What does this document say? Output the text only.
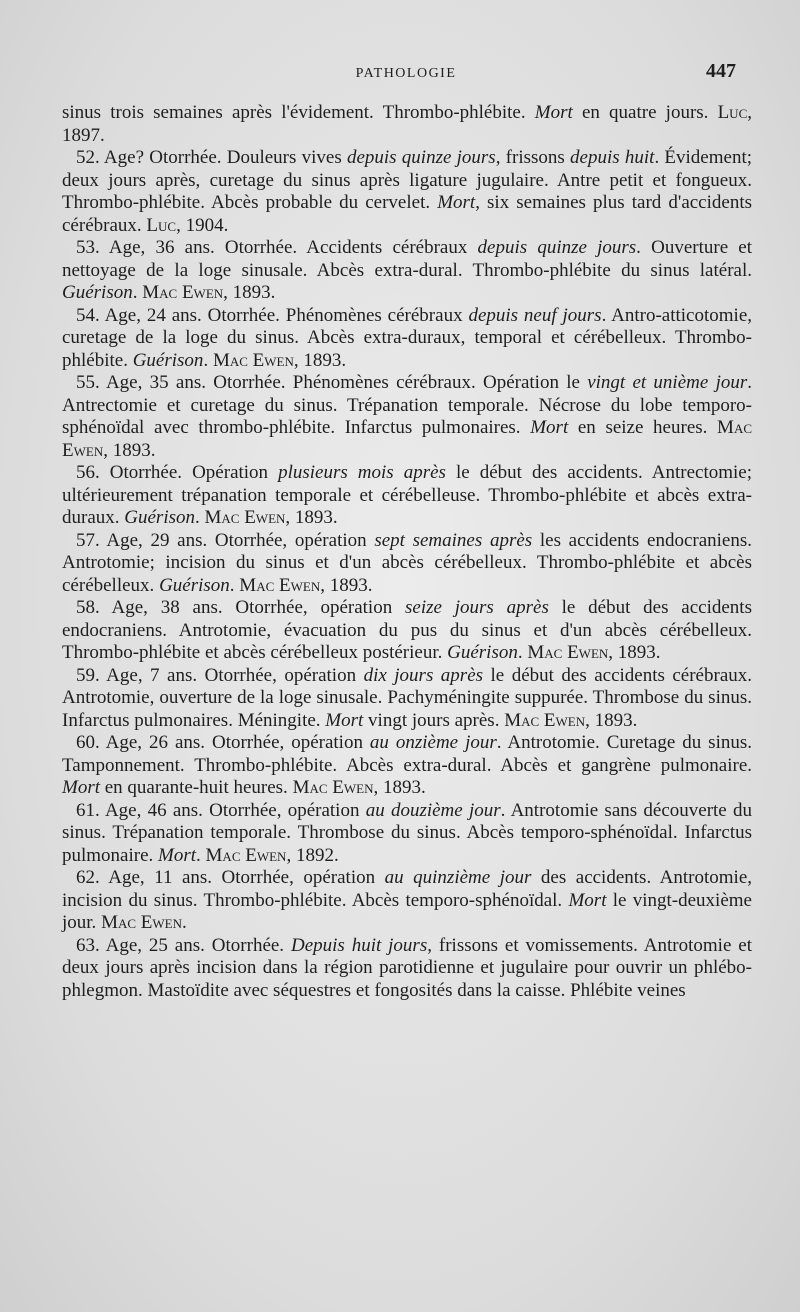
PATHOLOGIE	447

sinus trois semaines après l'évidement. Thrombo-phlébite. Mort en quatre jours. Luc, 1897.

52. Age? Otorrhée. Douleurs vives depuis quinze jours, frissons depuis huit. Évidement; deux jours après, curetage du sinus après ligature jugulaire. Antre petit et fongueux. Thrombo-phlébite. Abcès probable du cervelet. Mort, six semaines plus tard d'accidents cérébraux. Luc, 1904.

53. Age, 36 ans. Otorrhée. Accidents cérébraux depuis quinze jours. Ouverture et nettoyage de la loge sinusale. Abcès extra-dural. Thrombo-phlébite du sinus latéral. Guérison. Mac Ewen, 1893.

54. Age, 24 ans. Otorrhée. Phénomènes cérébraux depuis neuf jours. Antro-atticotomie, curetage de la loge du sinus. Abcès extra-duraux, temporal et cérébelleux. Thrombo-phlébite. Guérison. Mac Ewen, 1893.

55. Age, 35 ans. Otorrhée. Phénomènes cérébraux. Opération le vingt et unième jour. Antrectomie et curetage du sinus. Trépanation temporale. Nécrose du lobe temporo-sphénoïdal avec thrombo-phlébite. Infarctus pulmonaires. Mort en seize heures. Mac Ewen, 1893.

56. Otorrhée. Opération plusieurs mois après le début des accidents. Antrectomie; ultérieurement trépanation temporale et cérébelleuse. Thrombo-phlébite et abcès extra-duraux. Guérison. Mac Ewen, 1893.

57. Age, 29 ans. Otorrhée, opération sept semaines après les accidents endocraniens. Antrotomie; incision du sinus et d'un abcès cérébelleux. Thrombo-phlébite et abcès cérébelleux. Guérison. Mac Ewen, 1893.

58. Age, 38 ans. Otorrhée, opération seize jours après le début des accidents endocraniens. Antrotomie, évacuation du pus du sinus et d'un abcès cérébelleux. Thrombo-phlébite et abcès cérébelleux postérieur. Guérison. Mac Ewen, 1893.

59. Age, 7 ans. Otorrhée, opération dix jours après le début des accidents cérébraux. Antrotomie, ouverture de la loge sinusale. Pachyméningite suppurée. Thrombose du sinus. Infarctus pulmonaires. Méningite. Mort vingt jours après. Mac Ewen, 1893.

60. Age, 26 ans. Otorrhée, opération au onzième jour. Antrotomie. Curetage du sinus. Tamponnement. Thrombo-phlébite. Abcès extra-dural. Abcès et gangrène pulmonaire. Mort en quarante-huit heures. Mac Ewen, 1893.

61. Age, 46 ans. Otorrhée, opération au douzième jour. Antrotomie sans découverte du sinus. Trépanation temporale. Thrombose du sinus. Abcès temporo-sphénoïdal. Infarctus pulmonaire. Mort. Mac Ewen, 1892.

62. Age, 11 ans. Otorrhée, opération au quinzième jour des accidents. Antrotomie, incision du sinus. Thrombo-phlébite. Abcès temporo-sphénoïdal. Mort le vingt-deuxième jour. Mac Ewen.

63. Age, 25 ans. Otorrhée. Depuis huit jours, frissons et vomissements. Antrotomie et deux jours après incision dans la région parotidienne et jugulaire pour ouvrir un phlébo-phlegmon. Mastoïdite avec séquestres et fongosités dans la caisse. Phlébite veines
